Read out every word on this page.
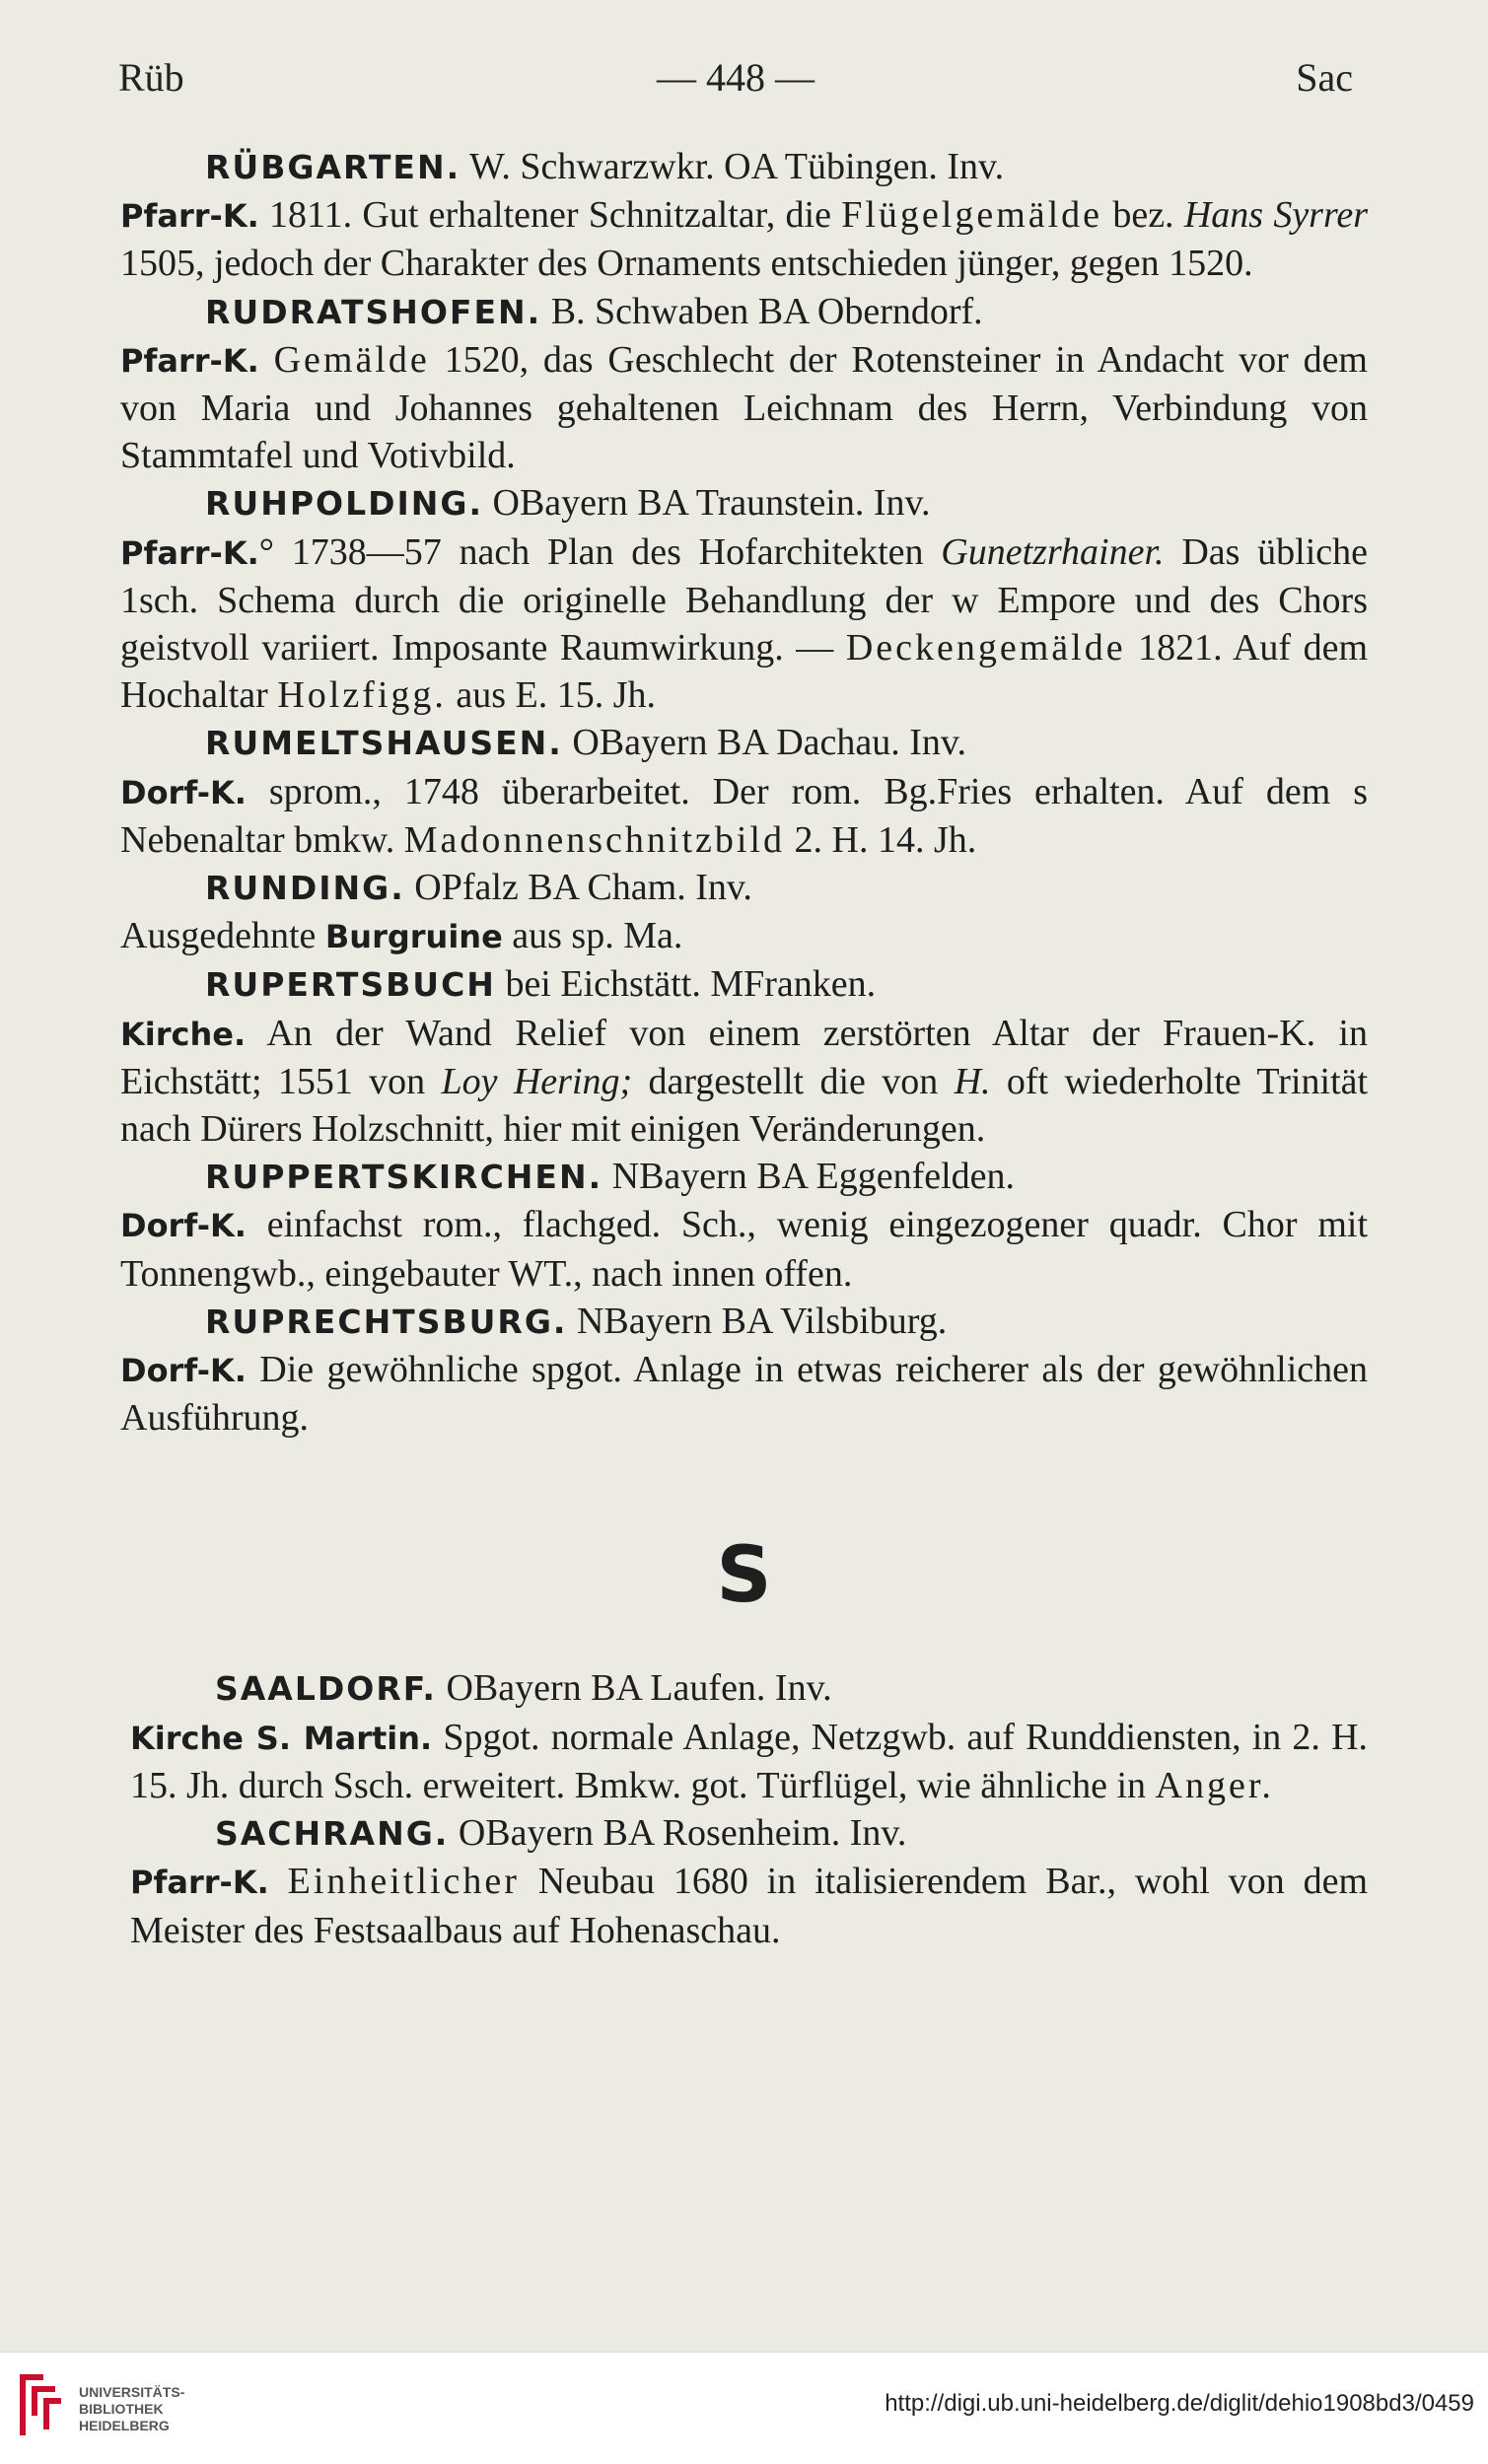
Rüb	— 448 —	Sac

RÜBGARTEN. W. Schwarzwkr. OA Tübingen. Inv.

Pfarr-K. 1811. Gut erhaltener Schnitzaltar, die Flügelgemälde bez. Hans Syrrer 1505, jedoch der Charakter des Ornaments entschieden jünger, gegen 1520.

RUDRATSHOFEN. B. Schwaben BA Oberndorf.

Pfarr-K. Gemälde 1520, das Geschlecht der Rotensteiner in Andacht vor dem von Maria und Johannes gehaltenen Leichnam des Herrn, Verbindung von Stammtafel und Votivbild.

RUHPOLDING. OBayern BA Traunstein. Inv.

Pfarr-K.° 1738—57 nach Plan des Hofarchitekten Gunetzrhainer. Das übliche 1sch. Schema durch die originelle Behandlung der w Empore und des Chors geistvoll variiert. Imposante Raumwirkung. — Deckengemälde 1821. Auf dem Hochaltar Holzfigg. aus E. 15. Jh.

RUMELTSHAUSEN. OBayern BA Dachau. Inv.

Dorf-K. sprom., 1748 überarbeitet. Der rom. Bg.Fries erhalten. Auf dem s Nebenaltar bmkw. Madonnenschnitzbild 2. H. 14. Jh.

RUNDING. OPfalz BA Cham. Inv.

Ausgedehnte Burgruine aus sp. Ma.

RUPERTSBUCH bei Eichstätt. MFranken.

Kirche. An der Wand Relief von einem zerstörten Altar der Frauen-K. in Eichstätt; 1551 von Loy Hering; dargestellt die von H. oft wiederholte Trinität nach Dürers Holzschnitt, hier mit einigen Veränderungen.

RUPPERTSKIRCHEN. NBayern BA Eggenfelden.

Dorf-K. einfachst rom., flachged. Sch., wenig eingezogener quadr. Chor mit Tonnengwb., eingebauter WT., nach innen offen.

RUPRECHTSBURG. NBayern BA Vilsbiburg.

Dorf-K. Die gewöhnliche spgot. Anlage in etwas reicherer als der gewöhnlichen Ausführung.

S

SAALDORF. OBayern BA Laufen. Inv.

Kirche S. Martin. Spgot. normale Anlage, Netzgwb. auf Runddiensten, in 2. H. 15. Jh. durch Ssch. erweitert. Bmkw. got. Türflügel, wie ähnliche in Anger.

SACHRANG. OBayern BA Rosenheim. Inv.

Pfarr-K. Einheitlicher Neubau 1680 in italisierendem Bar., wohl von dem Meister des Festsaalbaus auf Hohenaschau.

UNIVERSITÄTS-
BIBLIOTHEK
HEIDELBERG
http://digi.ub.uni-heidelberg.de/diglit/dehio1908bd3/0459
